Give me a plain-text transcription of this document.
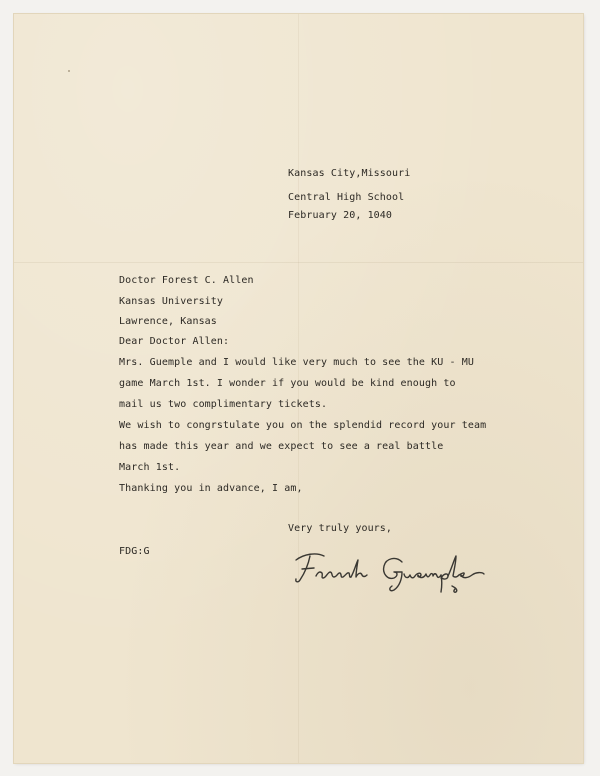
Kansas City,Missouri
Central High School
February 20, 1040
Doctor Forest C. Allen
Kansas University
Lawrence, Kansas
Dear Doctor Allen:
Mrs. Guemple and I would like very much to see the KU - MU
game March 1st. I wonder if you would be kind enough to
mail us two complimentary tickets.
We wish to congrstulate you on the splendid record your team
has made this year and we expect to see a real battle
March 1st.
Thanking you in advance, I am,
Very truly yours,
FDG:G
